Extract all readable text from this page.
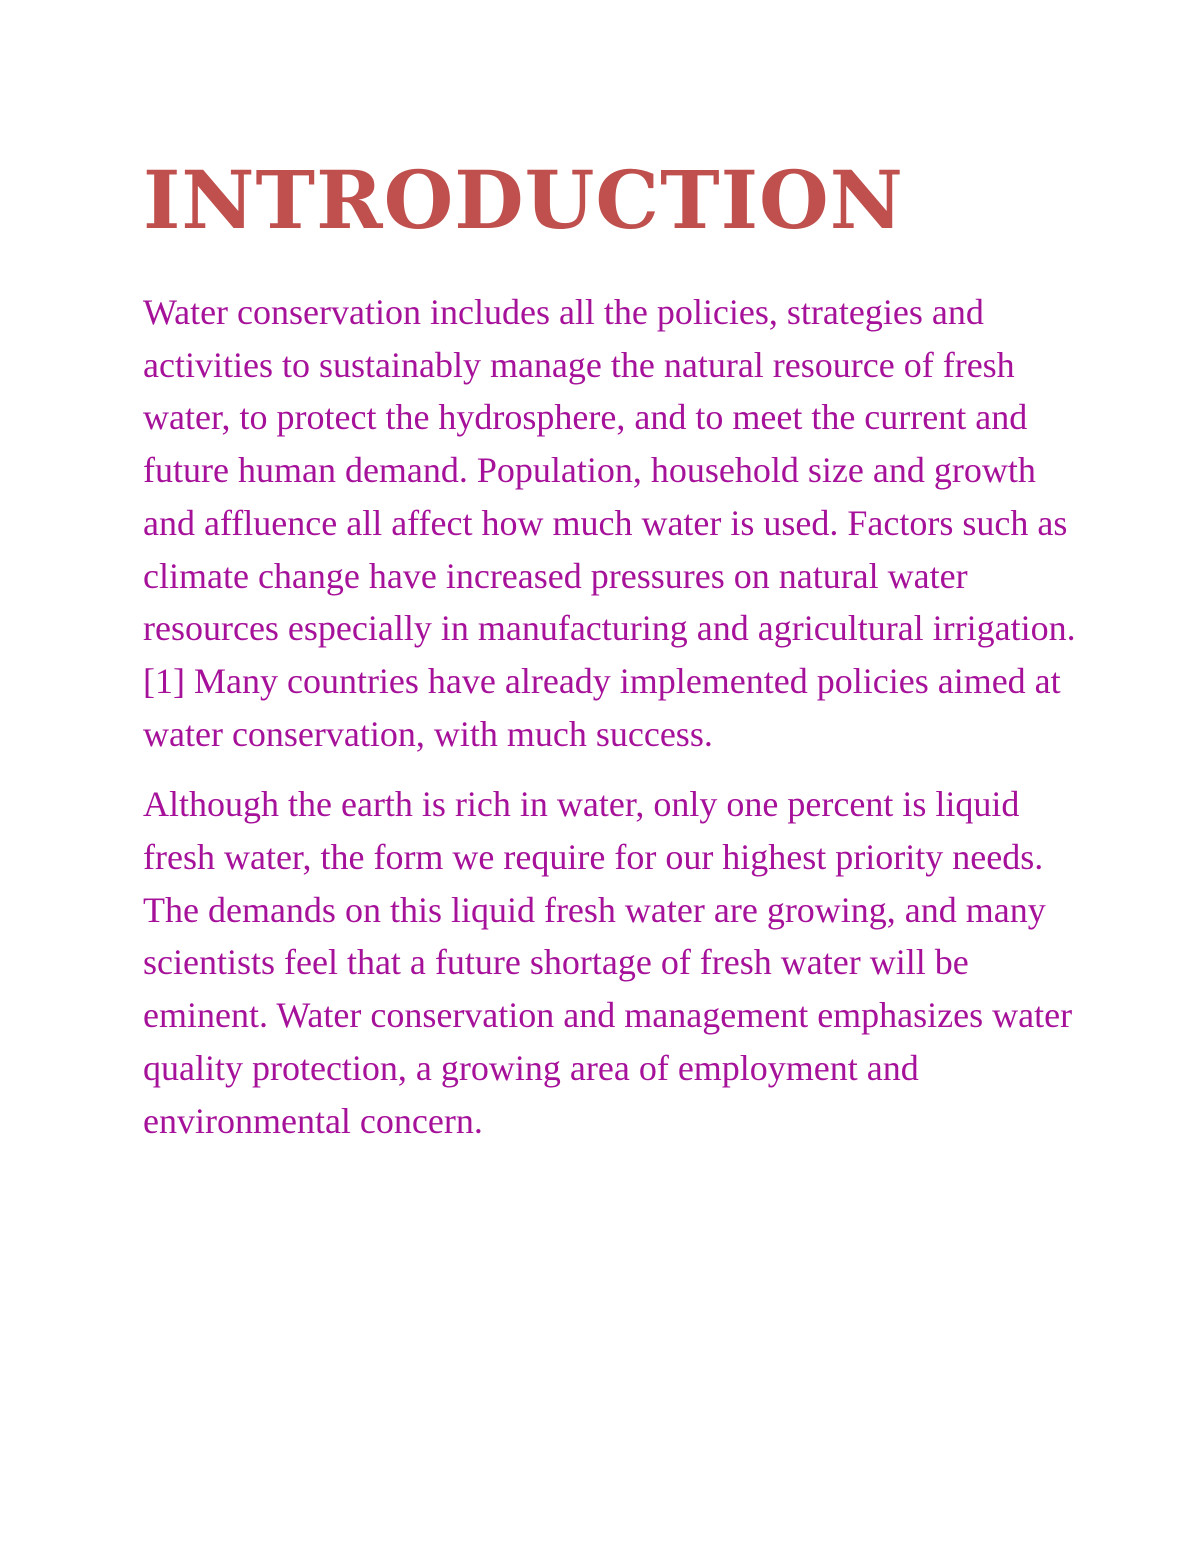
INTRODUCTION

Water conservation includes all the policies, strategies and activities to sustainably manage the natural resource of fresh water, to protect the hydrosphere, and to meet the current and future human demand. Population, household size and growth and affluence all affect how much water is used. Factors such as climate change have increased pressures on natural water resources especially in manufacturing and agricultural irrigation.[1] Many countries have already implemented policies aimed at water conservation, with much success.

Although the earth is rich in water, only one percent is liquid fresh water, the form we require for our highest priority needs. The demands on this liquid fresh water are growing, and many scientists feel that a future shortage of fresh water will be eminent. Water conservation and management emphasizes water quality protection, a growing area of employment and environmental concern.
